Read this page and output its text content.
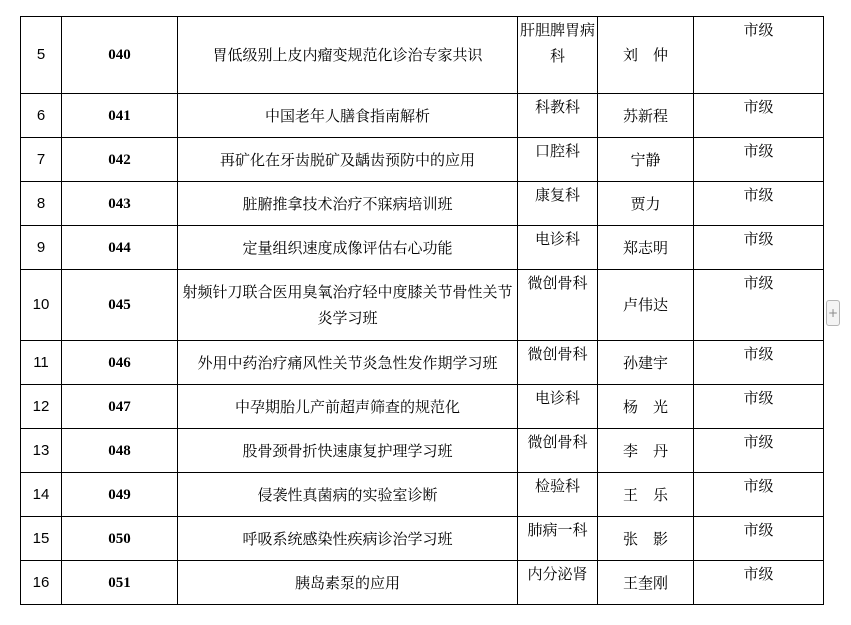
5	040	胃低级别上皮内瘤变规范化诊治专家共识	肝胆脾胃病科	刘　仲	市级
6	041	中国老年人膳食指南解析	科教科	苏新程	市级
7	042	再矿化在牙齿脱矿及龋齿预防中的应用	口腔科	宁静	市级
8	043	脏腑推拿技术治疗不寐病培训班	康复科	贾力	市级
9	044	定量组织速度成像评估右心功能	电诊科	郑志明	市级
10	045	射频针刀联合医用臭氧治疗轻中度膝关节骨性关节炎学习班	微创骨科	卢伟达	市级
11	046	外用中药治疗痛风性关节炎急性发作期学习班	微创骨科	孙建宇	市级
12	047	中孕期胎儿产前超声筛查的规范化	电诊科	杨　光	市级
13	048	股骨颈骨折快速康复护理学习班	微创骨科	李　丹	市级
14	049	侵袭性真菌病的实验室诊断	检验科	王　乐	市级
15	050	呼吸系统感染性疾病诊治学习班	肺病一科	张　影	市级
16	051	胰岛素泵的应用	内分泌肾	王奎刚	市级
+
